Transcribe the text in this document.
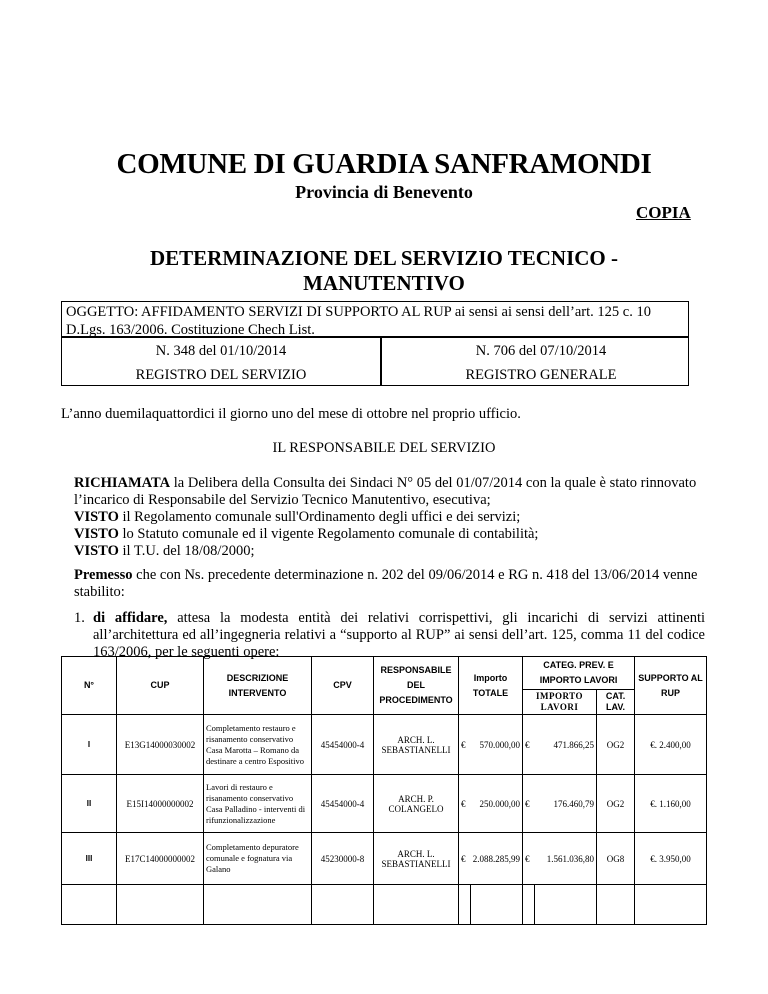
COMUNE DI GUARDIA SANFRAMONDI
Provincia di Benevento
COPIA
DETERMINAZIONE DEL SERVIZIO TECNICO -
MANUTENTIVO
OGGETTO: AFFIDAMENTO SERVIZI DI SUPPORTO AL RUP ai sensi ai sensi dell’art. 125 c. 10 D.Lgs. 163/2006. Costituzione Chech List.
N. 348 del 01/10/2014	N. 706 del 07/10/2014
REGISTRO DEL SERVIZIO	REGISTRO GENERALE
L’anno duemilaquattordici il giorno uno del mese di ottobre nel proprio ufficio.
IL RESPONSABILE DEL SERVIZIO
RICHIAMATA la Delibera della Consulta dei Sindaci N° 05 del 01/07/2014 con la quale è stato rinnovato l’incarico di Responsabile del Servizio Tecnico Manutentivo, esecutiva;
VISTO il Regolamento comunale sull'Ordinamento degli uffici e dei servizi;
VISTO lo Statuto comunale ed il vigente Regolamento comunale di contabilità;
VISTO il T.U. del 18/08/2000;
Premesso che con Ns. precedente determinazione n. 202 del 09/06/2014 e RG n. 418 del 13/06/2014 venne stabilito:
1. di affidare, attesa la modesta entità dei relativi corrispettivi, gli incarichi di servizi attinenti all’architettura ed all’ingegneria relativi a “supporto al RUP” ai sensi dell’art. 125, comma 11 del codice 163/2006, per le seguenti opere:
N°	CUP	DESCRIZIONE INTERVENTO	CPV	RESPONSABILE DEL PROCEDIMENTO	Importo TOTALE		CATEG. PREV. E IMPORTO LAVORI			SUPPORTO AL RUP
							IMPORTO LAVORI		CAT. LAV.	
I	E13G14000030002	Completamento restauro e risanamento conservativo Casa Marotta – Romano da destinare a centro Espositivo	45454000-4	ARCH. L. SEBASTIANELLI	€	570.000,00	€	471.866,25	OG2	€. 2.400,00
II	E15I14000000002	Lavori di restauro e risanamento conservativo Casa Palladino - interventi di rifunzionalizzazione	45454000-4	ARCH. P. COLANGELO	€	250.000,00	€	176.460,79	OG2	€. 1.160,00
III	E17C14000000002	Completamento depuratore comunale e fognatura via Galano	45230000-8	ARCH. L. SEBASTIANELLI	€	2.088.285,99	€	1.561.036,80	OG8	€. 3.950,00
